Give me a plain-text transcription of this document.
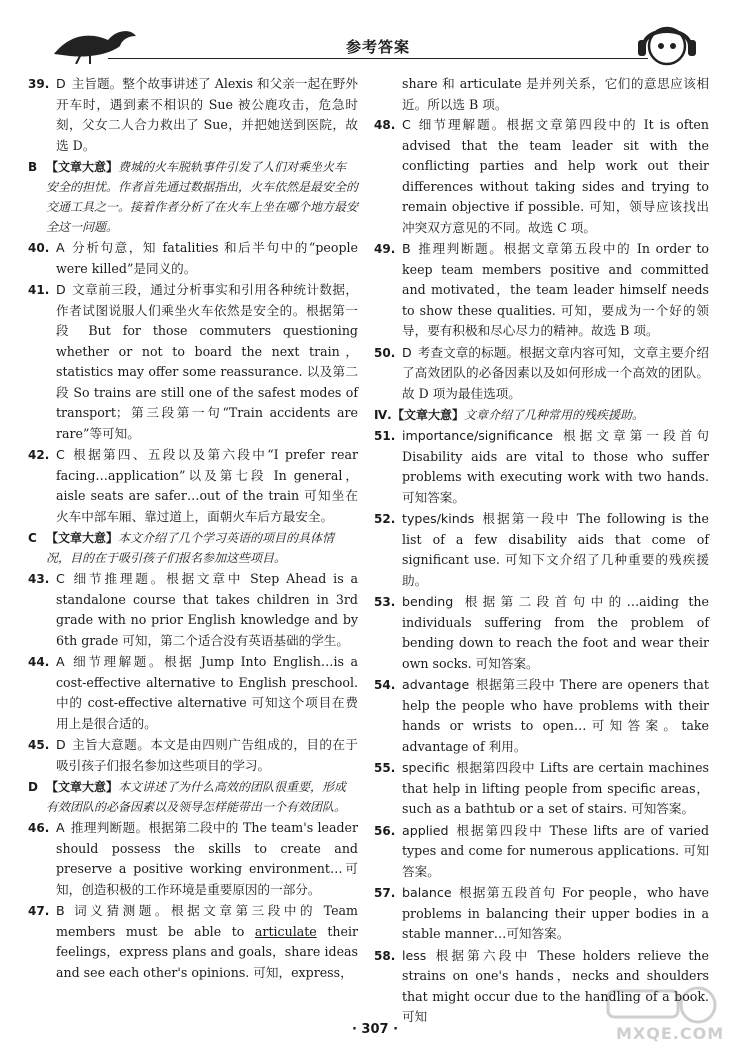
参考答案
39. D 主旨题。整个故事讲述了 Alexis 和父亲一起在野外开车时，遇到素不相识的 Sue 被公鹿攻击，危急时刻，父女二人合力救出了 Sue，并把她送到医院，故选 D。
B 【文章大意】费城的火车脱轨事件引发了人们对乘坐火车安全的担忧。作者首先通过数据指出，火车依然是最安全的交通工具之一。接着作者分析了在火车上坐在哪个地方最安全这一问题。
40. A 分析句意，知 fatalities 和后半句中的“people were killed”是同义的。
41. D 文章前三段，通过分析事实和引用各种统计数据，作者试图说服人们乘坐火车依然是安全的。根据第一段 But for those commuters questioning whether or not to board the next train，statistics may offer some reassurance. 以及第二段 So trains are still one of the safest modes of transport；第三段第一句“Train accidents are rare”等可知。
42. C 根据第四、五段以及第六段中“I prefer rear facing…application”以及第七段 In general，aisle seats are safer…out of the train 可知坐在火车中部车厢、靠过道上，面朝火车后方最安全。
C 【文章大意】本文介绍了几个学习英语的项目的具体情况，目的在于吸引孩子们报名参加这些项目。
43. C 细节推理题。根据文章中 Step Ahead is a standalone course that takes children in 3rd grade with no prior English knowledge and by 6th grade 可知，第二个适合没有英语基础的学生。
44. A 细节理解题。根据 Jump Into English…is a cost-effective alternative to English preschool. 中的 cost-effective alternative 可知这个项目在费用上是很合适的。
45. D 主旨大意题。本文是由四则广告组成的，目的在于吸引孩子们报名参加这些项目的学习。
D 【文章大意】本文讲述了为什么高效的团队很重要，形成有效团队的必备因素以及领导怎样能带出一个有效团队。
46. A 推理判断题。根据第二段中的 The team's leader should possess the skills to create and preserve a positive working environment…可知，创造积极的工作环境是重要原因的一部分。
47. B 词义猜测题。根据文章第三段中的 Team members must be able to articulate their feelings，express plans and goals，share ideas and see each other's opinions. 可知，express，
share 和 articulate 是并列关系，它们的意思应该相近。所以选 B 项。
48. C 细节理解题。根据文章第四段中的 It is often advised that the team leader sit with the conflicting parties and help work out their differences without taking sides and trying to remain objective if possible. 可知，领导应该找出冲突双方意见的不同。故选 C 项。
49. B 推理判断题。根据文章第五段中的 In order to keep team members positive and committed and motivated，the team leader himself needs to show these qualities. 可知，要成为一个好的领导，要有积极和尽心尽力的精神。故选 B 项。
50. D 考查文章的标题。根据文章内容可知，文章主要介绍了高效团队的必备因素以及如何形成一个高效的团队。故 D 项为最佳选项。
Ⅳ. 【文章大意】文章介绍了几种常用的残疾援助。
51. importance/significance 根据文章第一段首句 Disability aids are vital to those who suffer problems with executing work with two hands. 可知答案。
52. types/kinds 根据第一段中 The following is the list of a few disability aids that come of significant use. 可知下文介绍了几种重要的残疾援助。
53. bending 根据第二段首句中的…aiding the individuals suffering from the problem of bending down to reach the foot and wear their own socks. 可知答案。
54. advantage 根据第三段中 There are openers that help the people who have problems with their hands or wrists to open…可知答案。take advantage of 利用。
55. specific 根据第四段中 Lifts are certain machines that help in lifting people from specific areas，such as a bathtub or a set of stairs. 可知答案。
56. applied 根据第四段中 These lifts are of varied types and come for numerous applications. 可知答案。
57. balance 根据第五段首句 For people，who have problems in balancing their upper bodies in a stable manner…可知答案。
58. less 根据第六段中 These holders relieve the strains on one's hands，necks and shoulders that might occur due to the handling of a book. 可知
· 307 ·	MXQE.COM
